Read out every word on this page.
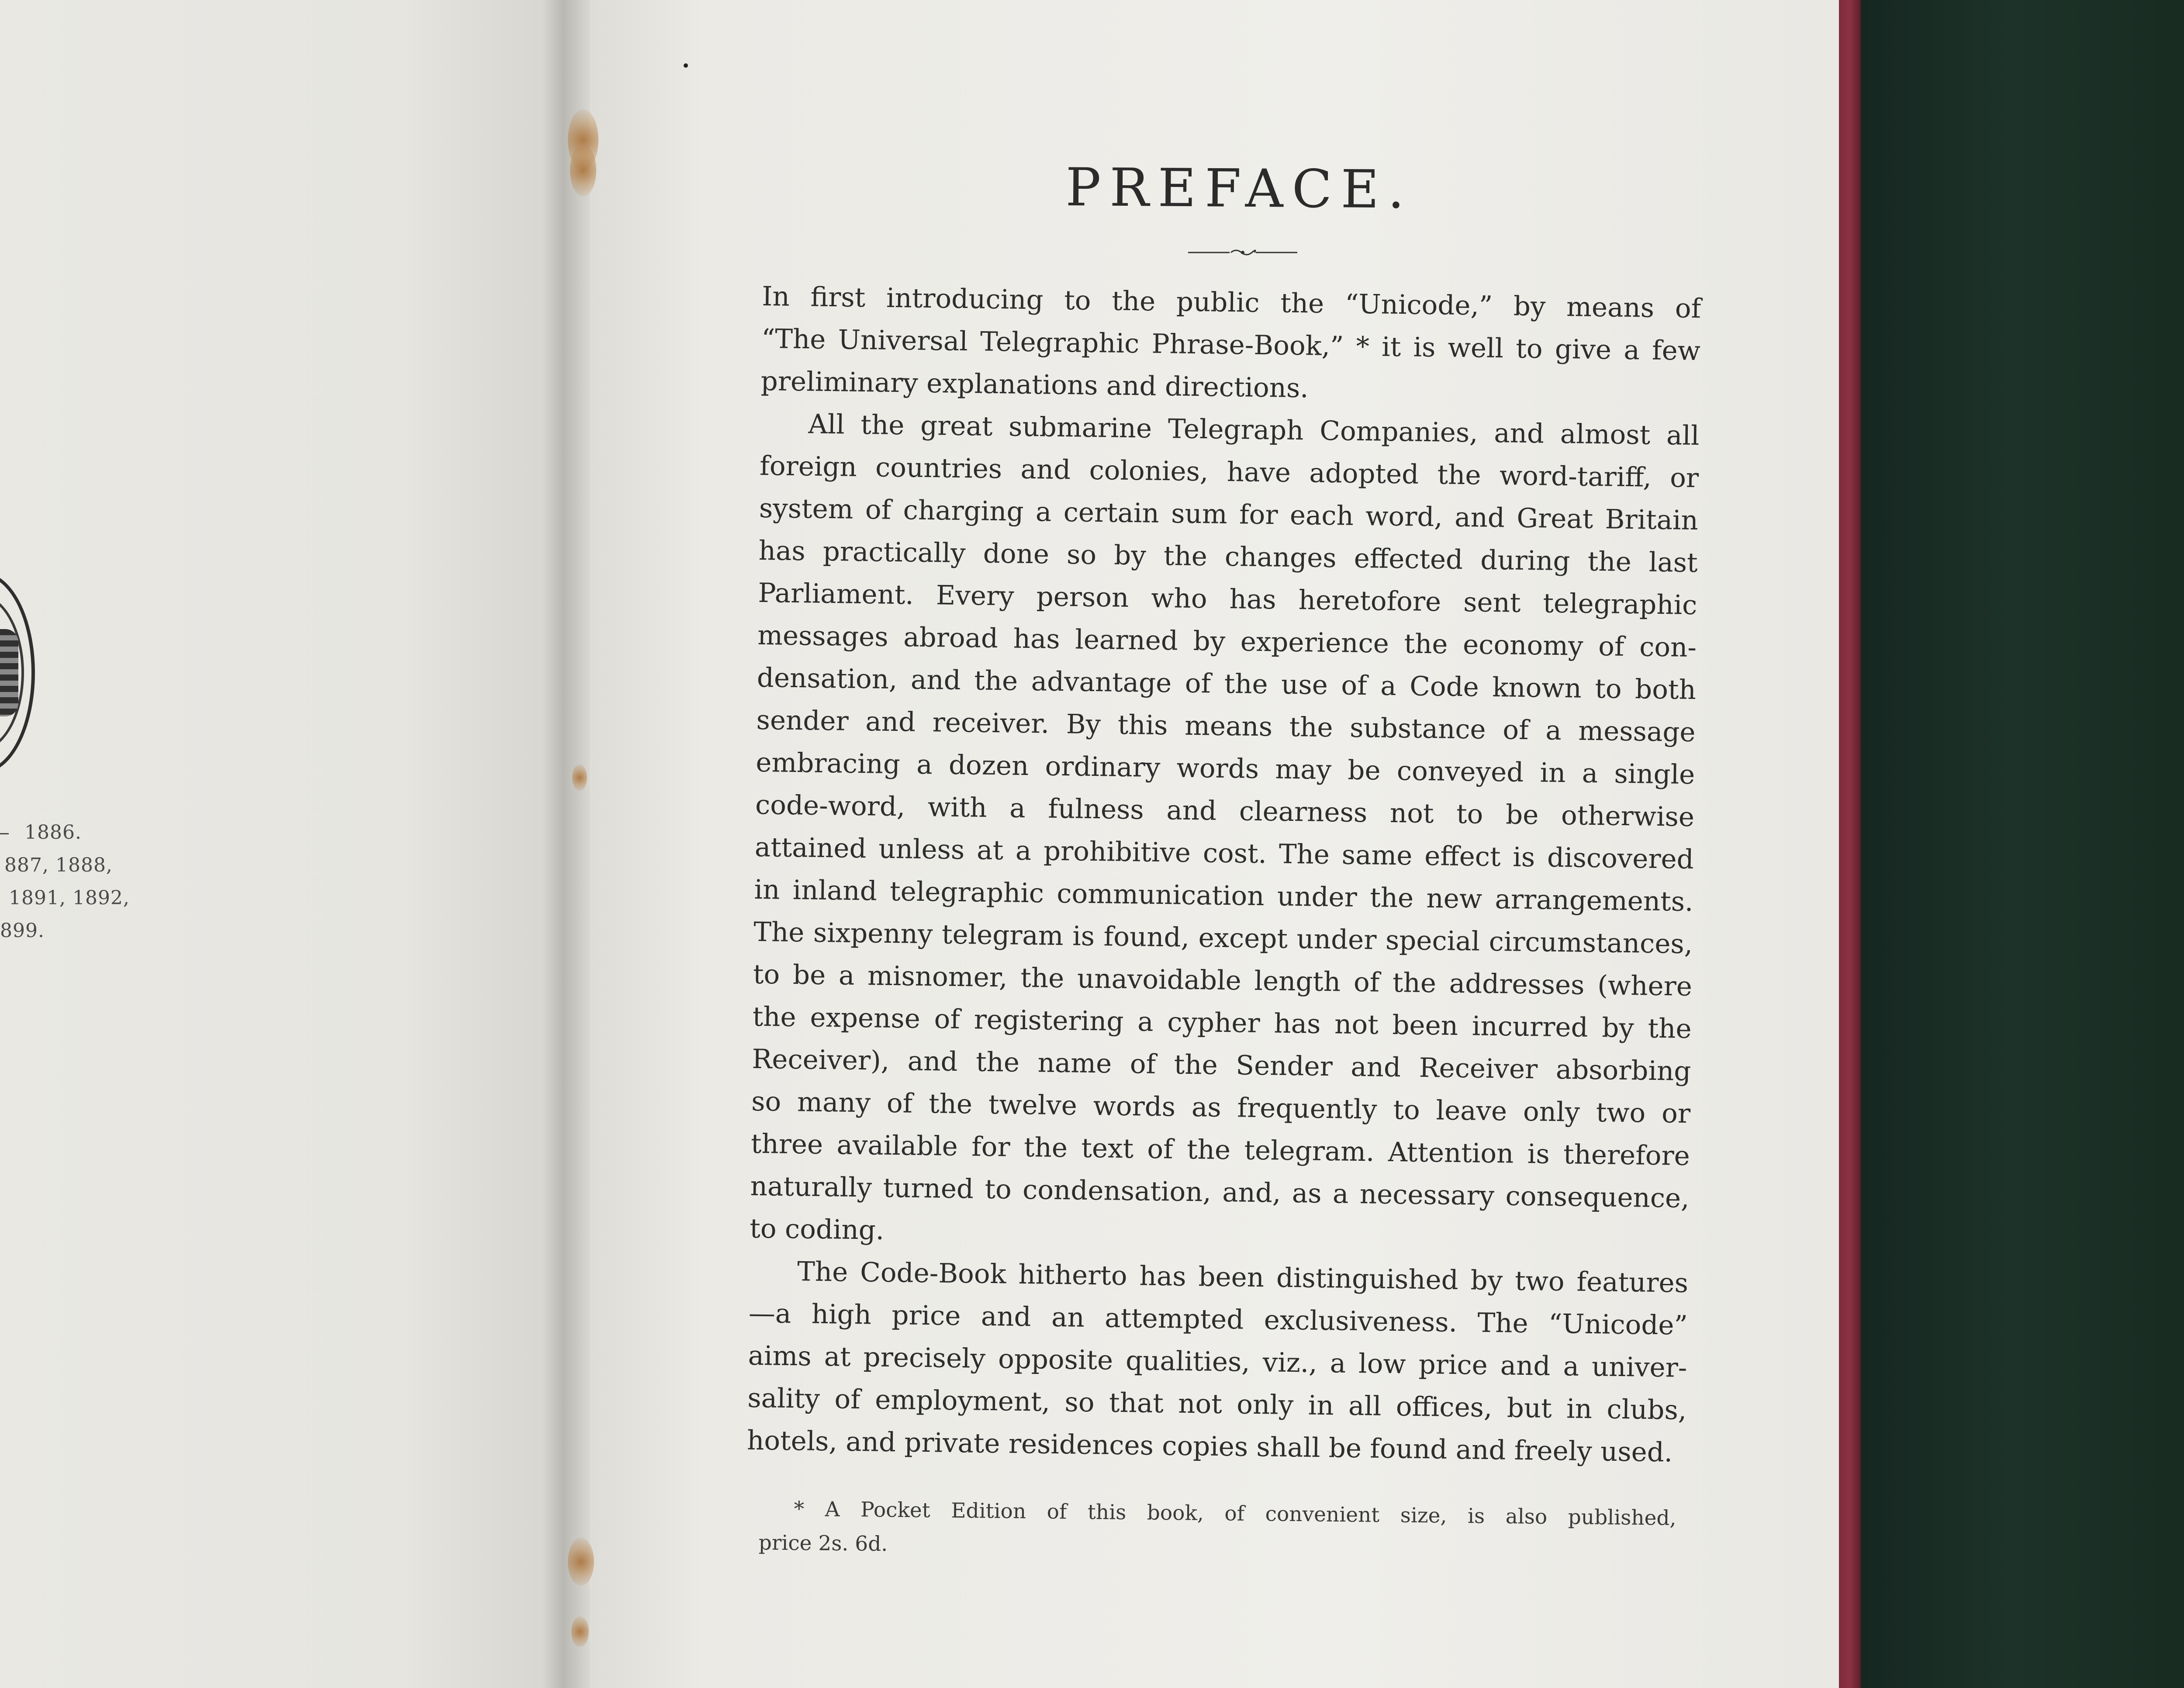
1886.
887, 1888,
1891, 1892,
899.
PREFACE.
In first introducing to the public the “Unicode,” by means of
“The Universal Telegraphic Phrase-Book,” * it is well to give a few
preliminary explanations and directions.
All the great submarine Telegraph Companies, and almost all
foreign countries and colonies, have adopted the word-tariff, or
system of charging a certain sum for each word, and Great Britain
has practically done so by the changes effected during the last
Parliament. Every person who has heretofore sent telegraphic
messages abroad has learned by experience the economy of con-
densation, and the advantage of the use of a Code known to both
sender and receiver. By this means the substance of a message
embracing a dozen ordinary words may be conveyed in a single
code-word, with a fulness and clearness not to be otherwise
attained unless at a prohibitive cost. The same effect is discovered
in inland telegraphic communication under the new arrangements.
The sixpenny telegram is found, except under special circumstances,
to be a misnomer, the unavoidable length of the addresses (where
the expense of registering a cypher has not been incurred by the
Receiver), and the name of the Sender and Receiver absorbing
so many of the twelve words as frequently to leave only two or
three available for the text of the telegram. Attention is therefore
naturally turned to condensation, and, as a necessary consequence,
to coding.
The Code-Book hitherto has been distinguished by two features
—a high price and an attempted exclusiveness. The “Unicode”
aims at precisely opposite qualities, viz., a low price and a univer-
sality of employment, so that not only in all offices, but in clubs,
hotels, and private residences copies shall be found and freely used.
* A Pocket Edition of this book, of convenient size, is also published,
price 2s. 6d.
